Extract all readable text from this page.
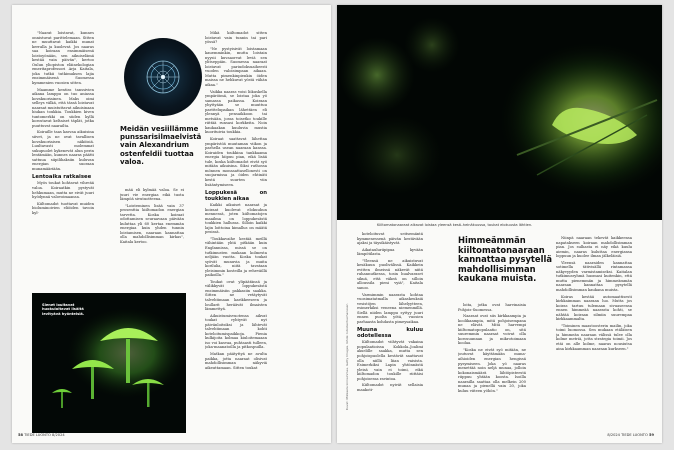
"Naarat loistavat, kunnes onnistuvat parittelemaan. Sitten ne muuttavat kaikki munat kerralla ja kuolevat. Jos naaras saa koiraan ensimmäisenä loistoyönään, sen aikuiselämä kestää vain päivän", kertoo Oulun yliopiston eläinekologian emeritaprofessori Arja Kaitala, joka tutkii tutkimuksen lajia ensimmäisenä Suomessa kymmenien vuosien sitten.

Maamme kentiss tanssivien aikana lamppu on tuo aniassa kovakuoriainen. Maks oimi selleys välkä, että tässä loistavat naaraat muistuttavat aikuisinaan hiukan toukkia. Toukkien kiven tuntomerkki on siiden kyllä korostavat keltaiset täplät, jotka puuttuvat naarailta.

Koiraille taas kasvaa aikuisina siivet, ja ne ovat tavallisen kovakuoriaisen näköisiä. Luultavasti molemmat sukupuolet kykenevät alun perin lentämään, kunnes naaras päätti sattuua siipilihaksiin kuluvan energian suoraan munamääriään.

Lentoaika ratkaisee

Myös toukat hohtavat vihreää valoa. Koiraatkin pystyvät hehkumaan, mutta ne eivät juuri hyödynnä valovoimaansa.

Kiiltomadot tuottavat muiden bioluminoivien eliöiden tavoin kyl-

Meidän vesiillämme punssarisilmaelvistä vain Alexandrium ostenfeldii tuottaa valoa.

mää eli kylmää valoa. Se ei juuri vie energiaa eikä tuota lämpöä sivutuotteena.

"Loisteminen lisää vain 37 prosenttia kiiltomadon energian tarvetta. Koska koiraat odottamisen seuraavaan päivään kuluttaa yli 60 kertaa enemmän energiaa kuin yhden tunnin loistamisen, naaraan kannattaa olla mahdollisimman kirkas", Kaitala kertoo.

Mikä kiiltomadot sitten loistavat vain tunnin tai pari yössä?

"Ne pystyisivät loistamaan kauemminkin, mutta loistain nyysii kuvaaorvat leviä sen ylitseppäin. Suomessa naaraat loistavat pariudoksuaiheesti vuoden valoisimpaan aikaan. Mutta pimenkinpienkin öiden maissa ne hehkuvat yöstä vähän aikaa."

Vaikka naaras voisi liikuskella ympäröimä, se loistaa joka yö samassa paikassa. Koiraan yhyttyään se muuttuu parittelupaikan lähettäen eli ylennyä pensaikkoon tai metsään, jossa toisetko toukille riittää runsasi korkkeita. Noin kaukaakan kuuluvia mustia kuorituivia toukkia.

Koiraat saattavat lähettaa ympäristöä muutaman viikon ja parhella usean naaraan kanssa. Koiraiden toukkina tankkaama energia hiipuu pian, eikä lisää tule, koska kiiltomadot eivät syö mitään aikuisina. Siksi ruthossa mönnen monsaattasellonesti on suojarmissa ja öiden ehtinäti kestä suurten viin lisääntymiseen.

Loppukesä on toukkien aikaa

Kaikki aikuiset naaraat ja koiraat kuolevat elokuuhun mennessä, joten kiiltomatojen maailma on loppukesästä toukkien hallussa. Silloin kaikki lajin loittoina kimallus on määtä pesissä.

"Toukkavaihe kestää meillä vähintään yhtä pitkään kuin Englannissa, missä se on tutkimusten mukaan kolmesta neljään vuotta. Koska toukat syövät munuvia ja muita korilulia, niitä tavataan yleisimmin kosteilla ja reheväillä paikoilla."

Toukat ovat ylipäätänsä ja välikkyvät loppukesästä ensimmäisiin pakkasiin saakka. Sitten ne vetäytyvät talvehtimaan karikkeeseen ja loullarit heräävät ilmaisten lämmettyä.

Aikuistumisvuotensa aikvat toukat ryhtyvät nyt päivänloitsiksi ja lähtevät talvehtimaan kohti koteloitumispaikkoja. Pienia kulkijoita kolmaa kiuloitemaaan iso voi kasvaa, puhtaasti tulleen, joka-maanatoilla ja pitkospuilla.

Matkan päätyttyä ne avulta paikka, jotta naaraat olisivat mahdollisimman näkyviä aikeuttamaan. Sitten toukat

Sienet loultavat huokuloitavat lisäitä levityävä hyönteisiä.
58 TIEDE LUONTO 8/2024
Kiiltomatonaaraat alkavat loistaa yleensä kesä–heinäkuussa, toukat elokuusta lähtien.
Kuvat: Mikkaela Linnainmaa, Getty Images, lähde: Istockerbachanesen

koteloituvat seitsemäntä kymmenessenä päivän kestävään ajaksi ja täysikäistyvät.

Aikatauluriipipua kyvään lämpötilasta.

"Yleensä ne aikuistuvat kesäkuun puolivälissä. Kaikkein evitten ilmeissä näkevät niitä ruhannutkessa, tosin hualvaraset sikuä, että väkeä on silloin alloussila pieni vyiä", Kaitala sanoo.

Varmimmin naarasta kohtaa vuosimatatmalla aikaskeuksiä vesistöjen lähelyytteen, esimerkiksi veneena niemenmillä. Siellä niiden lamppu syttyy juuri ennen puolta yötä, vuosien parhaasta kohdasta pimeysaikaa.

Muuna kuluu odotellessa

Kiiltomadot viihtyvät vakaina populaatioissa Kokkola–Joalimi akselille saakka, mutta sen pohjoispuolella kestävät saattavat olla niillä liian vaisista. Esimerkiksi Lapin yhtönnästä yleisä vain ei toimi, eikä kiiltomadon toukille riittäisi pohjoisessa ravintoa.

Kiiltomadot nyivät sellaisia maakoti-

Himmeämmän kiiltomatonaaraan kannattaa pysytellä mahdollisimman kaukana muista.

loita, jotka ovat harvinaisia Pohjois-Suomessa.

Naaraat ovat siis kirkkaampia ja koolikaampia, mitä pohjoisempana ne elävät. Mitä harvempi kiiltomatopopulaatio on, sitä suuremmin naaraat voivat olla korosuunnan ja mikrotoimaan koolaa.

"Koska ne eivät syö mitään, ne joutuvat käyttämään muna-aihioiden energian hengissä pysymiseen. Joka yö naaras menettää noin neljä munaa, jolloin kokonaismäärä lähtöpisteestä riippuu yhtään koosta. Isoilla naarailla saattaa olla melkein 200 munaa ja pienellä vain 20, joka kuluu viiteen yöhön."

Niinpä naaraan tekevät kaikkeensa napatakseen koiraan mahdollisimman pian. Jos sulhasta ei näy eikä kuulu aiemin, naaras kuluttaa energiansa loppuun ja kuolee ilman jälkeläisiä.

Yleensä naaraiden kannattaa sotimella tätivisällä rintamansa näkyvyyden varmistamiseksi. Kaitalan tutkimusryhmä huomasi kuitenkin, että mutta pienemmän ja himmeämmän naaraan kannattaa pysytellä mahdollisimman kaukana muista.

Koiras kestää automaattisesti kirkkaimman naaraan luo. Mutta jos koiras tartuu tulemaan sivuaseensa ennen himmeää naarasta kohti, se nähtää koiraan silmiin suurempaa kirkkaammalta.

"Toiminen maastoosterin mailin, joka toimi luomossa. Sen mukaan etäläisen ja himmeän naaraan välissä tulee olla kolme metriä, jotta strategia toimii. Jos etäi on alle kolme, naaras nousiutsa aina kirkkaamman naaraan kurkseen."

8/2024 TIEDE LUONTO 59
